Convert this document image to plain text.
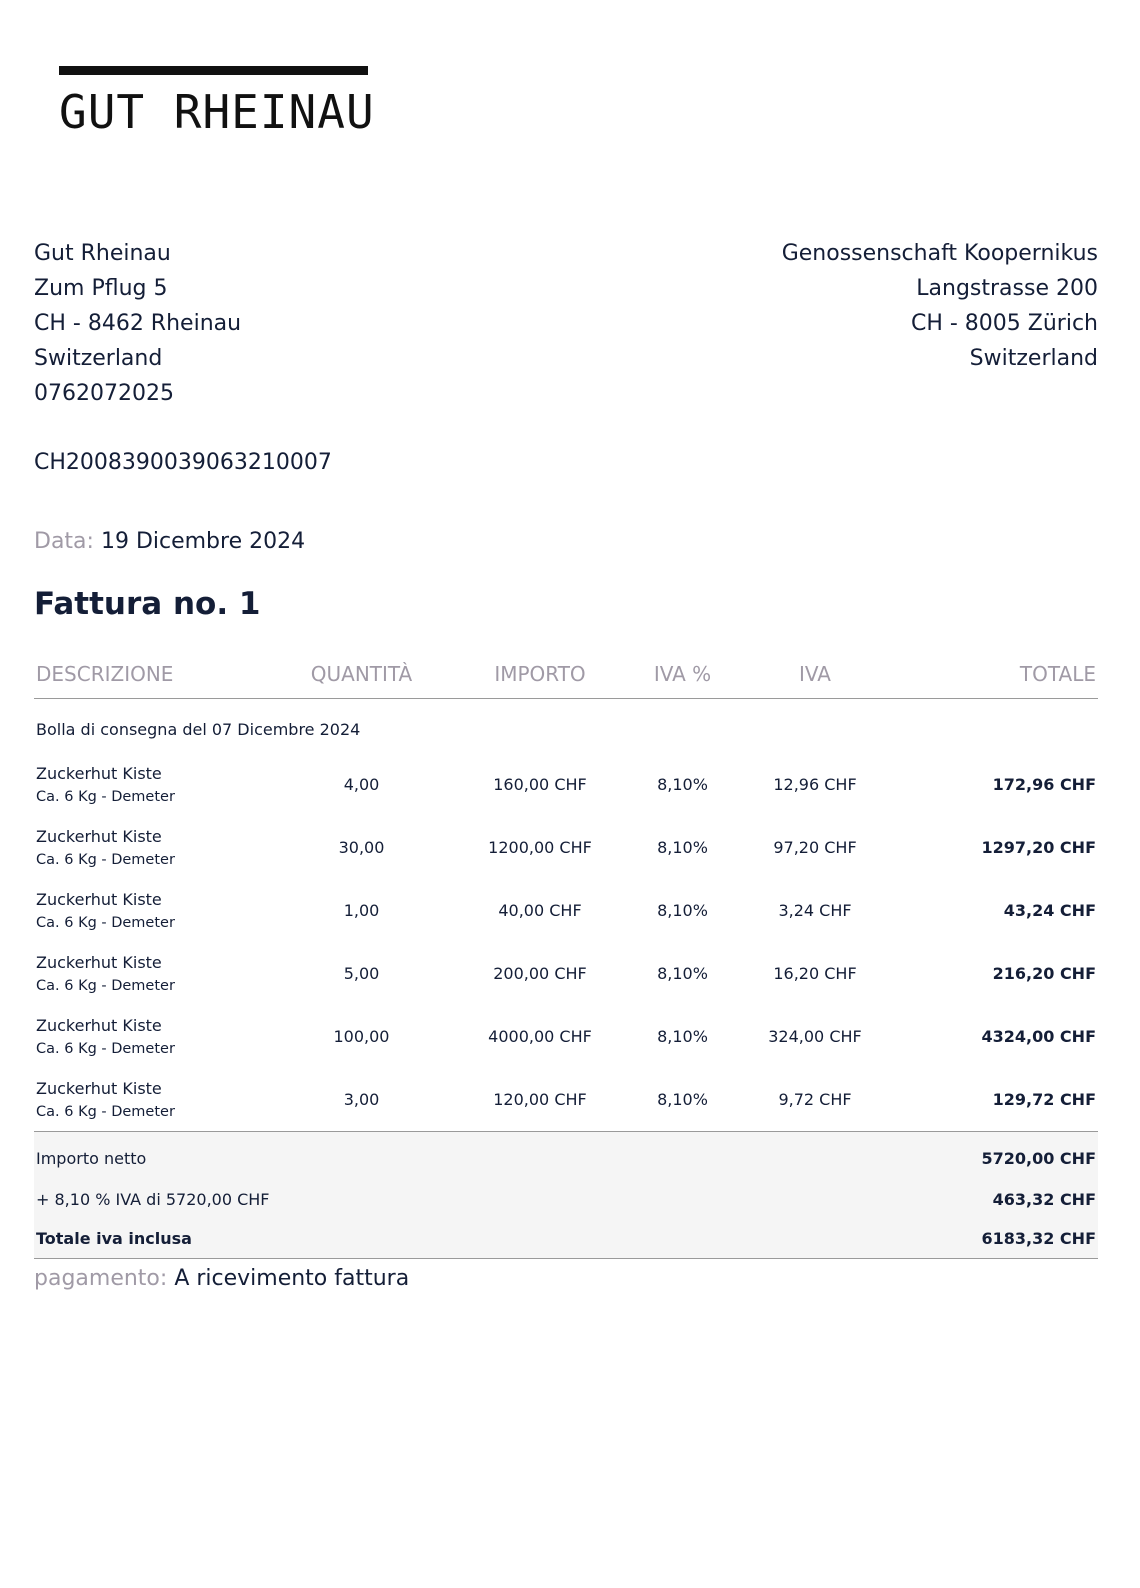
GUT RHEINAU
Gut Rheinau
Zum Pflug 5
CH - 8462 Rheinau
Switzerland
0762072025
Genossenschaft Koopernikus
Langstrasse 200
CH - 8005 Zürich
Switzerland
CH2008390039063210007
Data: 19 Dicembre 2024
Fattura no. 1
DESCRIZIONE	QUANTITÀ	IMPORTO	IVA %	IVA	TOTALE
Bolla di consegna del 07 Dicembre 2024					

Zuckerhut Kiste
Ca. 6 Kg - Demeter	4,00	160,00 CHF	8,10%	12,96 CHF	172,96 CHF

Zuckerhut Kiste
Ca. 6 Kg - Demeter	30,00	1200,00 CHF	8,10%	97,20 CHF	1297,20 CHF

Zuckerhut Kiste
Ca. 6 Kg - Demeter	1,00	40,00 CHF	8,10%	3,24 CHF	43,24 CHF

Zuckerhut Kiste
Ca. 6 Kg - Demeter	5,00	200,00 CHF	8,10%	16,20 CHF	216,20 CHF

Zuckerhut Kiste
Ca. 6 Kg - Demeter	100,00	4000,00 CHF	8,10%	324,00 CHF	4324,00 CHF

Zuckerhut Kiste
Ca. 6 Kg - Demeter	3,00	120,00 CHF	8,10%	9,72 CHF	129,72 CHF
Importo netto					5720,00 CHF
+ 8,10 % IVA di 5720,00 CHF					463,32 CHF
Totale iva inclusa					6183,32 CHF
pagamento: A ricevimento fattura
